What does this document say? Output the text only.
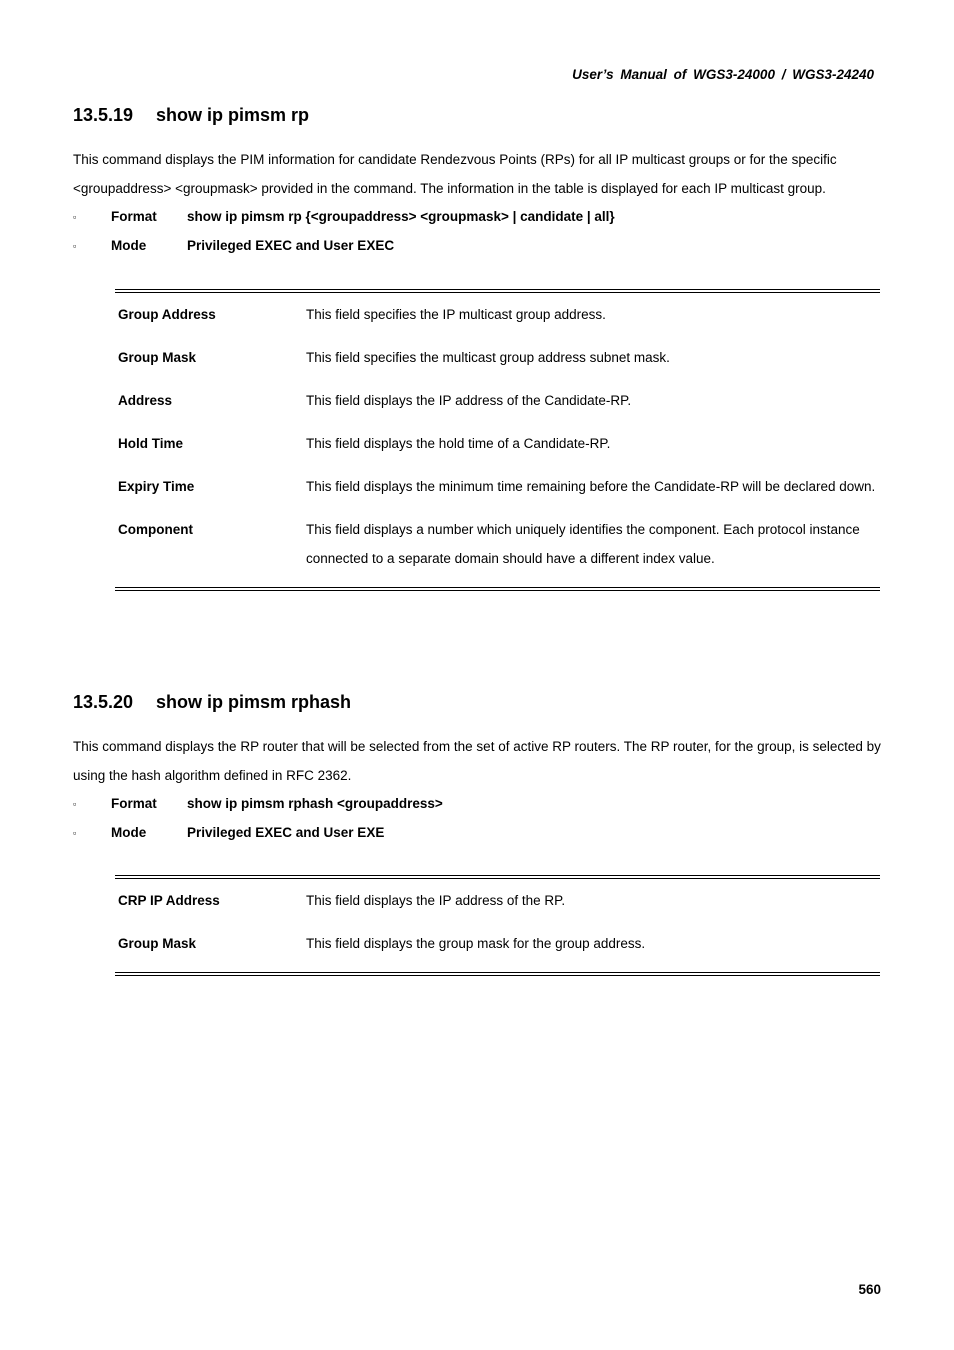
User’s Manual of WGS3-24000 / WGS3-24240
13.5.19 show ip pimsm rp

This command displays the PIM information for candidate Rendezvous Points (RPs) for all IP multicast groups or for the specific <groupaddress> <groupmask> provided in the command. The information in the table is displayed for each IP multicast group.

▫	Format	show ip pimsm rp {<groupaddress> <groupmask> | candidate | all}
▫	Mode	Privileged EXEC and User EXEC
Group Address	This field specifies the IP multicast group address.
Group Mask	This field specifies the multicast group address subnet mask.
Address	This field displays the IP address of the Candidate-RP.
Hold Time	This field displays the hold time of a Candidate-RP.
Expiry Time	This field displays the minimum time remaining before the Candidate-RP will be declared down.
Component	This field displays a number which uniquely identifies the component. Each protocol instance connected to a separate domain should have a different index value.
13.5.20 show ip pimsm rphash

This command displays the RP router that will be selected from the set of active RP routers. The RP router, for the group, is selected by using the hash algorithm defined in RFC 2362.

▫	Format	show ip pimsm rphash <groupaddress>
▫	Mode	Privileged EXEC and User EXE
CRP IP Address	This field displays the IP address of the RP.
Group Mask	This field displays the group mask for the group address.
560
